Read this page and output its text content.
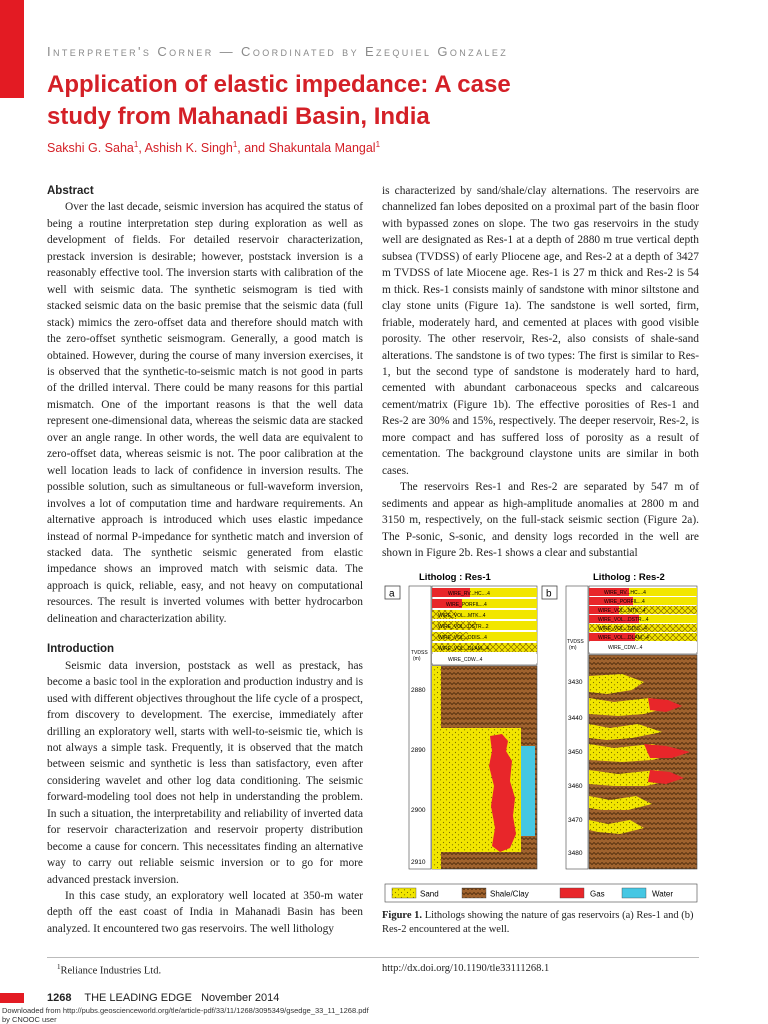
Interpreter's Corner — Coordinated by Ezequiel Gonzalez
Application of elastic impedance: A case study from Mahanadi Basin, India
Sakshi G. Saha$^1$, Ashish K. Singh$^1$, and Shakuntala Mangal$^1$
Abstract

Over the last decade, seismic inversion has acquired the status of being a routine interpretation step during exploration as well as development of fields. For detailed reservoir characterization, prestack inversion is desirable; however, poststack inversion is a reasonably effective tool. The inversion starts with calibration of the well with seismic data. The synthetic seismogram is tied with stacked seismic data on the basic premise that the seismic data (full stack) mimics the zero-offset data and therefore should match with the zero-offset synthetic seismogram. Generally, a good match is obtained. However, during the course of many inversion exercises, it is observed that the synthetic-to-seismic match is not good in parts of the drilled interval. There could be many reasons for this partial mismatch. One of the important reasons is that the well data represent one-dimensional data, whereas the seismic data are stacked over an angle range. In other words, the well data are equivalent to zero-offset data, whereas seismic is not. The poor calibration at the well location leads to lack of confidence in inversion results. The possible solution, such as simultaneous or full-waveform inversion, involves a lot of computation time and hardware requirements. An alternative approach is introduced which uses elastic impedance instead of normal P-impedance for synthetic match and inversion of stacked data. The synthetic seismic generated from elastic impedance shows an improved match with seismic data. The approach is quick, reliable, easy, and not heavy on computational resources. The result is inverted volumes with better hydrocarbon delineation and characterization ability.

Introduction

Seismic data inversion, poststack as well as prestack, has become a basic tool in the exploration and production industry and is used with different objectives throughout the life cycle of a prospect, from discovery to development. The exercise, immediately after drilling an exploratory well, starts with well-to-seismic tie, which is not always a simple task. Frequently, it is observed that the match between seismic and synthetic is less than satisfactory, even after considering wavelet and other log data conditioning. The seismic forward-modeling tool does not help in understanding the problem. In such a situation, the interpretability and reliability of inverted data for reservoir characterization and reservoir property distribution become a cause for concern. This necessitates finding an alternative way to carry out reliable seismic inversion or to go for more advanced prestack inversion.

In this case study, an exploratory well located at 350-m water depth off the east coast of India in Mahanadi Basin has been analyzed. It encountered two gas reservoirs. The well lithology

is characterized by sand/shale/clay alternations. The reservoirs are channelized fan lobes deposited on a proximal part of the basin floor with bypassed zones on slope. The two gas reservoirs in the study well are designated as Res-1 at a depth of 2880 m true vertical depth subsea (TVDSS) of early Pliocene age, and Res-2 at a depth of 3427 m TVDSS of late Miocene age. Res-1 is 27 m thick and Res-2 is 54 m thick. Res-1 consists mainly of sandstone with minor siltstone and clay stone units (Figure 1a). The sandstone is well sorted, firm, friable, moderately hard, and cemented at places with good visible porosity. The other reservoir, Res-2, also consists of shale-sand alterations. The sandstone is of two types: The first is similar to Res-1, but the second type of sandstone is moderately hard to hard, cemented with abundant carbonaceous specks and calcareous cement/matrix (Figure 1b). The effective porosities of Res-1 and Res-2 are 30% and 15%, respectively. The deeper reservoir, Res-2, is more compact and has suffered loss of porosity as a result of cementation. The background claystone units are similar in both cases.

The reservoirs Res-1 and Res-2 are separated by 547 m of sediments and appear as high-amplitude anomalies at 2800 m and 3150 m, respectively, on the full-stack seismic section (Figure 2a). The P-sonic, S-sonic, and density logs recorded in the well are shown in Figure 2b. Res-1 shows a clear and substantial

a
Litholog : Res-1
TVDSS
(m)
2880
2890
2900
2910
WIRE_RV...HC....4
WIRE_PORFIL...4
WIRE_VOL...MTK...4
WIRE_VOL...DSTR...2
WIRE_VOL...DDIS...4
WIRE_VOL...DLAM...4
WIRE_CDW...4
b
Litholog : Res-2
TVDSS
(m)
3430
3440
3450
3460
3470
3480
WIRE_RV...HC....4
WIRE_PORFIL...4
WIRE_VOL...MTK...4
WIRE_VOL...DSTR...4
WIRE_VOL...DDIS...4
WIRE_VOL...DLAM...4
WIRE_CDW...4
Sand	Shale/Clay	Gas	Water
Figure 1. Lithologs showing the nature of gas reservoirs (a) Res-1 and (b) Res-2 encountered at the well.
$^1$Reliance Industries Ltd.	http://dx.doi.org/10.1190/tle33111268.1
1268 THE LEADING EDGE November 2014
Downloaded from http://pubs.geoscienceworld.org/tle/article-pdf/33/11/1268/3095349/gsedge_33_11_1268.pdf
by CNOOC user
